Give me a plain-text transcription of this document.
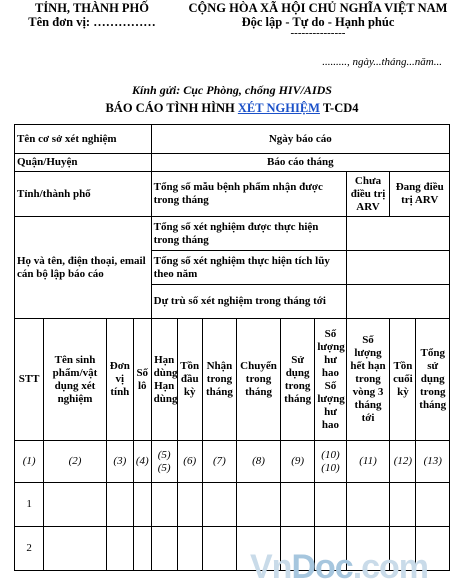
TỈNH, THÀNH PHỐ
Tên đơn vị: ……………
CỘNG HÒA XÃ HỘI CHỦ NGHĨA VIỆT NAM
Độc lập - Tự do - Hạnh phúc
---------------
........., ngày...tháng...năm...
Kính gửi: Cục Phòng, chống HIV/AIDS
BÁO CÁO TÌNH HÌNH XÉT NGHIỆM T-CD4
Tên cơ sở xét nghiệm				Ngày báo cáo								
Quận/Huyện				Báo cáo tháng								
Tỉnh/thành phố				Tổng số mẫu bệnh phẩm nhận được trong tháng						Chưa điều trị ARV	Đang điều trị ARV	
Họ và tên, điện thoại, email cán bộ lập báo cáo				Tổng số xét nghiệm được thực hiện trong tháng								
				Tổng số xét nghiệm thực hiện tích lũy theo năm								
				Dự trù số xét nghiệm trong tháng tới								
STT	Tên sinh phẩm/vật dụng xét nghiệm	Đơn vị tính	Số lô	Hạn dùng Hạn dùng	Tồn đầu kỳ	Nhận trong tháng	Chuyển trong tháng	Sử dụng trong tháng	Số lượng hư hao Số lượng hư hao	Số lượng hết hạn trong vòng 3 tháng tới	Tồn cuối kỳ	Tổng sử dụng trong tháng
(1)	(2)	(3)	(4)	(5) (5)	(6)	(7)	(8)	(9)	(10) (10)	(11)	(12)	(13)
1												
2													VnDoc.com
